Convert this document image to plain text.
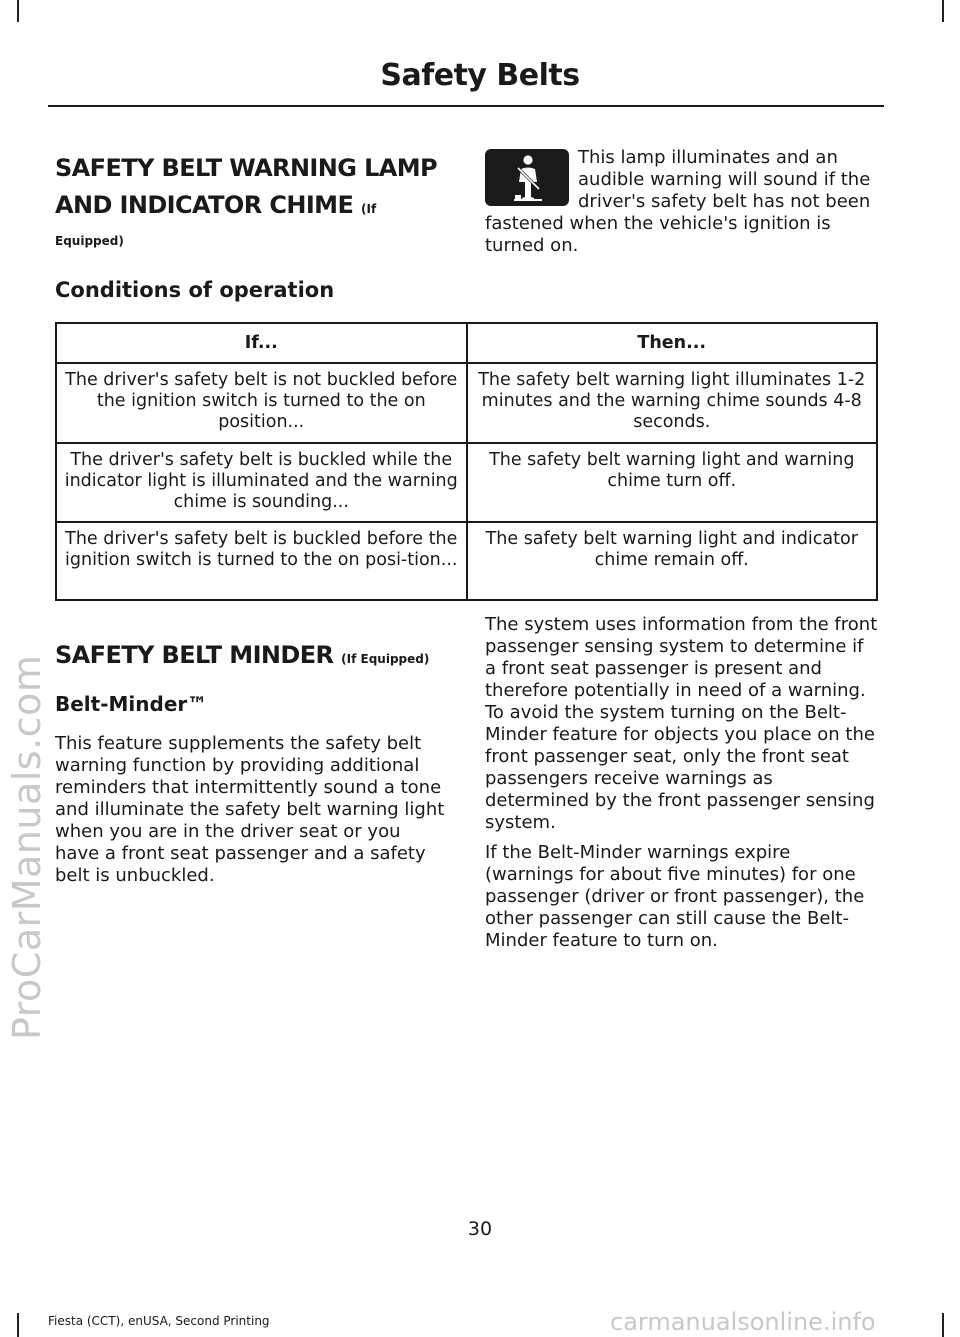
Safety Belts
SAFETY BELT WARNING LAMP
AND INDICATOR CHIME (If
Equipped)
This lamp illuminates and an audible warning will sound if the driver's safety belt has not been fastened when the vehicle's ignition is turned on.
Conditions of operation
If...	Then...
The driver's safety belt is not buckled before the ignition switch is turned to the on position...	The safety belt warning light illuminates 1-2 minutes and the warning chime sounds 4-8 seconds.
The driver's safety belt is buckled while the indicator light is illuminated and the warning chime is sounding...	The safety belt warning light and warning chime turn off.
The driver's safety belt is buckled before the ignition switch is turned to the on posi-tion...	The safety belt warning light and indicator chime remain off.
SAFETY BELT MINDER (If Equipped)
Belt-Minder™
This feature supplements the safety belt warning function by providing additional reminders that intermittently sound a tone and illuminate the safety belt warning light when you are in the driver seat or you have a front seat passenger and a safety belt is unbuckled.
The system uses information from the front passenger sensing system to determine if a front seat passenger is present and therefore potentially in need of a warning. To avoid the system turning on the Belt-Minder feature for objects you place on the front passenger seat, only the front seat passengers receive warnings as determined by the front passenger sensing system.
If the Belt-Minder warnings expire (warnings for about five minutes) for one passenger (driver or front passenger), the other passenger can still cause the Belt-Minder feature to turn on.
30
Fiesta (CCT), enUSA, Second Printing
ProCarManuals.com
carmanualsonline.info
